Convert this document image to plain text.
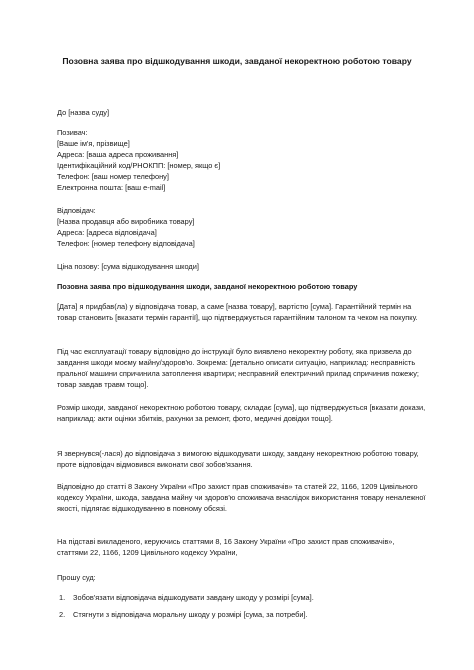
Позовна заява про відшкодування шкоди, завданої некоректною роботою товару

До [назва суду]

Позивач:

[Ваше ім'я, прізвище]

Адреса: [ваша адреса проживання]

Ідентифікаційний код/РНОКПП: [номер, якщо є]

Телефон: [ваш номер телефону]

Електронна пошта: [ваш e-mail]

Відповідач:

[Назва продавця або виробника товару]

Адреса: [адреса відповідача]

Телефон: [номер телефону відповідача]

Ціна позову: [сума відшкодування шкоди]

Позовна заява про відшкодування шкоди, завданої некоректною роботою товару

[Дата] я придбав(ла) у відповідача товар, а саме [назва товару], вартістю [сума]. Гарантійний термін на товар становить [вказати термін гарантії], що підтверджується гарантійним талоном та чеком на покупку.

Під час експлуатації товару відповідно до інструкції було виявлено некоректну роботу, яка призвела до завдання шкоди моєму майну/здоров'ю. Зокрема: [детально описати ситуацію, наприклад: несправність пральної машини спричинила затоплення квартири; несправний електричний прилад спричинив пожежу; товар завдав травм тощо].

Розмір шкоди, завданої некоректною роботою товару, складає [сума], що підтверджується [вказати докази, наприклад: акти оцінки збитків, рахунки за ремонт, фото, медичні довідки тощо].

Я звернувся(-лася) до відповідача з вимогою відшкодувати шкоду, завдану некоректною роботою товару, проте відповідач відмовився виконати свої зобов'язання.

Відповідно до статті 8 Закону України «Про захист прав споживачів» та статей 22, 1166, 1209 Цивільного кодексу України, шкода, завдана майну чи здоров'ю споживача внаслідок використання товару неналежної якості, підлягає відшкодуванню в повному обсязі.

На підставі викладеного, керуючись статтями 8, 16 Закону України «Про захист прав споживачів», статтями 22, 1166, 1209 Цивільного кодексу України,

Прошу суд:

1. Зобов'язати відповідача відшкодувати завдану шкоду у розмірі [сума].
2. Стягнути з відповідача моральну шкоду у розмірі [сума, за потреби].
